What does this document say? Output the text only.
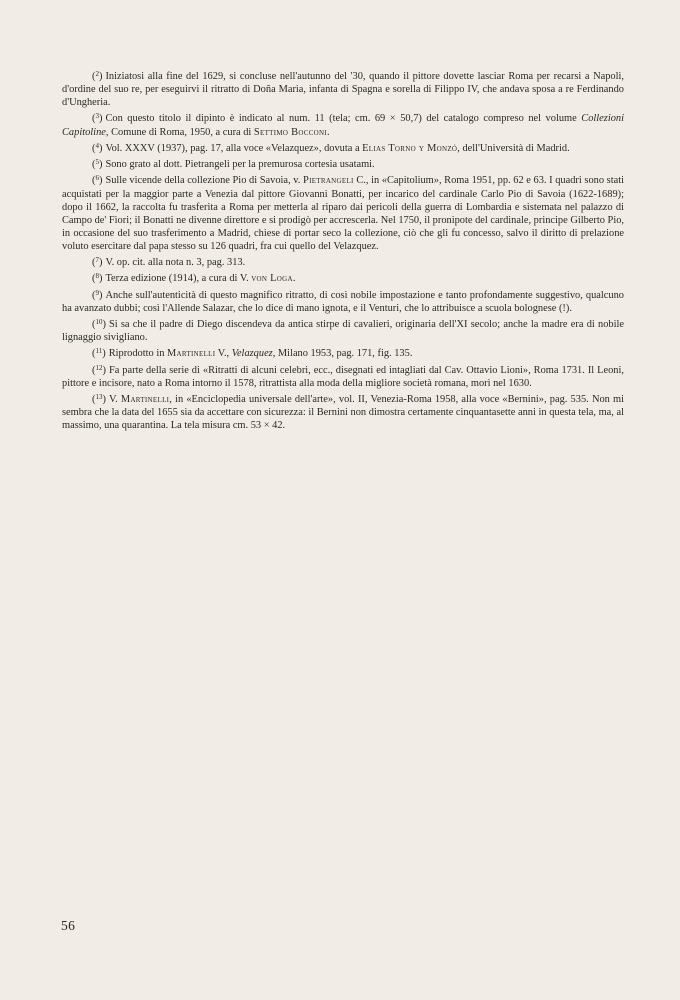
($^2$) Iniziatosi alla fine del 1629, si concluse nell'autunno del '30, quando il pittore dovette lasciar Roma per recarsi a Napoli, d'ordine del suo re, per eseguirvi il ritratto di Doña Maria, infanta di Spagna e sorella di Filippo IV, che andava sposa a re Ferdinando d'Ungheria.

($^3$) Con questo titolo il dipinto è indicato al num. 11 (tela; cm. 69 × 50,7) del catalogo compreso nel volume Collezioni Capitoline, Comune di Roma, 1950, a cura di Settimo Bocconi.

($^4$) Vol. XXXV (1937), pag. 17, alla voce «Velazquez», dovuta a Elias Torno y Monzó, dell'Università di Madrid.

($^5$) Sono grato al dott. Pietrangeli per la premurosa cortesia usatami.

($^6$) Sulle vicende della collezione Pio di Savoia, v. Pietrangeli C., in «Capitolium», Roma 1951, pp. 62 e 63. I quadri sono stati acquistati per la maggior parte a Venezia dal pittore Giovanni Bonatti, per incarico del cardinale Carlo Pio di Savoia (1622-1689); dopo il 1662, la raccolta fu trasferita a Roma per metterla al riparo dai pericoli della guerra di Lombardia e sistemata nel palazzo di Campo de' Fiori; il Bonatti ne divenne direttore e si prodigò per accrescerla. Nel 1750, il pronipote del cardinale, principe Gilberto Pio, in occasione del suo trasferimento a Madrid, chiese di portar seco la collezione, ciò che gli fu concesso, salvo il diritto di prelazione voluto esercitare dal papa stesso su 126 quadri, fra cui quello del Velazquez.

($^7$) V. op. cit. alla nota n. 3, pag. 313.

($^8$) Terza edizione (1914), a cura di V. von Loga.

($^9$) Anche sull'autenticità di questo magnifico ritratto, di così nobile impostazione e tanto profondamente suggestivo, qualcuno ha avanzato dubbi; così l'Allende Salazar, che lo dice di mano ignota, e il Venturi, che lo attribuisce a scuola bolognese (!).

($^{10}$) Si sa che il padre di Diego discendeva da antica stirpe di cavalieri, originaria dell'XI secolo; anche la madre era di nobile lignaggio sivigliano.

($^{11}$) Riprodotto in Martinelli V., Velazquez, Milano 1953, pag. 171, fig. 135.

($^{12}$) Fa parte della serie di «Ritratti di alcuni celebri, ecc., disegnati ed intagliati dal Cav. Ottavio Lioni», Roma 1731. Il Leoni, pittore e incisore, nato a Roma intorno il 1578, ritrattista alla moda della migliore società romana, morì nel 1630.

($^{13}$) V. Martinelli, in «Enciclopedia universale dell'arte», vol. II, Venezia-Roma 1958, alla voce «Bernini», pag. 535. Non mi sembra che la data del 1655 sia da accettare con sicurezza: il Bernini non dimostra certamente cinquantasette anni in questa tela, ma, al massimo, una quarantina. La tela misura cm. 53 × 42.

56
